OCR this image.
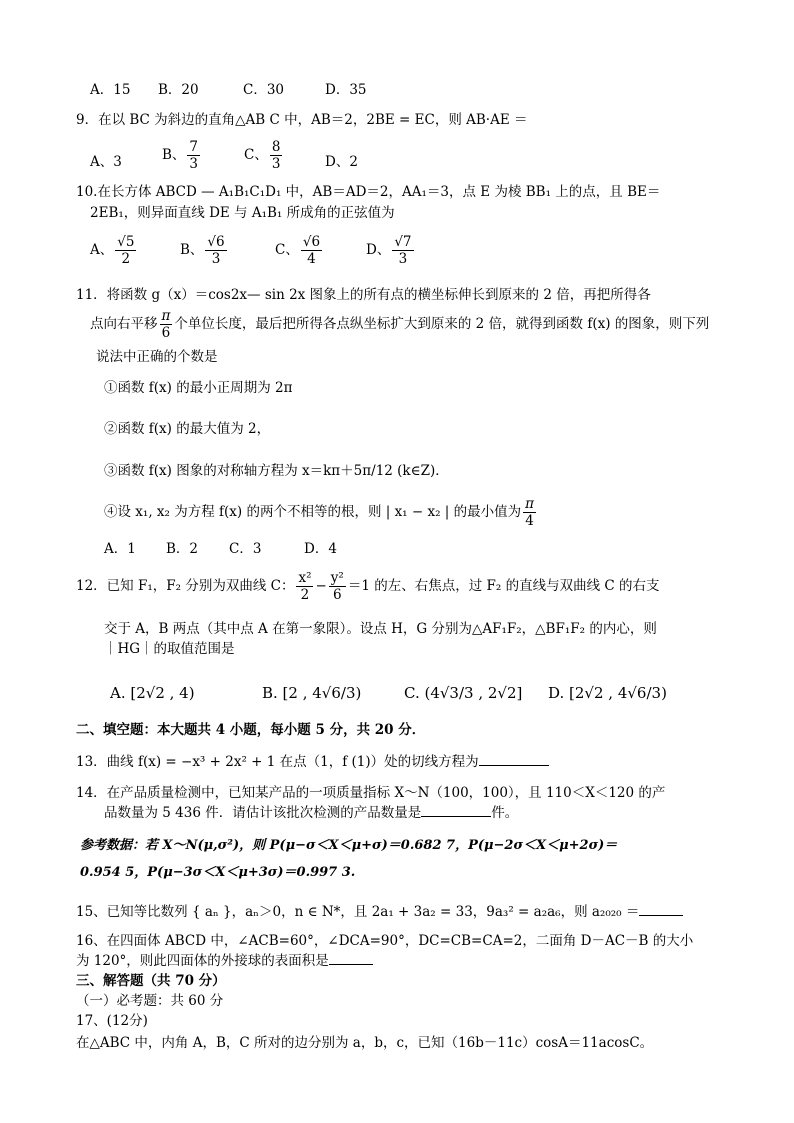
A．15 B．20	C．30	D．35
9．在以 BC 为斜边的直角△AB C 中，AB＝2，2BE = EC，则 AB·AE ＝
A、3	B、 $\frac{7}{3}$	C、 $\frac{8}{3}$	D、2
10.在长方体 ABCD — A₁B₁C₁D₁ 中，AB＝AD＝2，AA₁＝3，点 E 为棱 BB₁ 上的点，且 BE＝
2EB₁，则异面直线 DE 与 A₁B₁ 所成角的正弦值为
A、 $\frac{√5}{2}$	B、 $\frac{√6}{3}$	C、 $\frac{√6}{4}$	D、 $\frac{√7}{3}$
11．将函数 g（x）＝cos2x— sin 2x 图象上的所有点的横坐标伸长到原来的 2 倍，再把所得各
点向右平移 $\frac{\pi}{6}$ 个单位长度，最后把所得各点纵坐标扩大到原来的 2 倍，就得到函数 f(x) 的图象，则下列
说法中正确的个数是
①函数 f(x) 的最小正周期为 2π
②函数 f(x) 的最大值为 2，
③函数 f(x) 图象的对称轴方程为 x＝kπ＋5π/12 (k∈Z)．
④设 x₁, x₂ 为方程 f(x) 的两个不相等的根，则 | x₁ − x₂ | 的最小值为 $\frac{\pi}{4}$
A．1 B．2 C．3	D．4
12．已知 F₁，F₂ 分别为双曲线 C： $\frac{\text{x²}}{2} - \frac{\text{y²}}{6} =1$ 的左、右焦点，过 F₂ 的直线与双曲线 C 的右支
交于 A，B 两点（其中点 A 在第一象限）。设点 H，G 分别为△AF₁F₂，△BF₁F₂ 的内心，则
｜HG｜的取值范围是
A. [2√2 , 4)	B. [2 , 4√6/3)	C. (4√3/3 , 2√2] D. [2√2 , 4√6/3)
二、填空题：本大题共 4 小题，每小题 5 分，共 20 分．
13．曲线 f(x) = −x³ + 2x² + 1 在点（1，f (1)）处的切线方程为
14．在产品质量检测中，已知某产品的一项质量指标 X～N（100，100），且 110＜X＜120 的产
品数量为 5 436 件．请估计该批次检测的产品数量是	件。
参考数据：若 X～N(μ,σ²)，则 P(μ−σ＜X＜μ+σ)＝0.682 7，P(μ−2σ＜X＜μ+2σ)＝
0.954 5，P(μ−3σ＜X＜μ+3σ)＝0.997 3.
15、已知等比数列 { aₙ }，aₙ＞0，n ∈ N*，且 2a₁ + 3a₂ = 33，9a₃² = a₂a₆，则 a₂₀₂₀ ＝
16、在四面体 ABCD 中，∠ACB=60°，∠DCA=90°，DC=CB=CA=2，二面角 D－AC－B 的大小
为 120°，则此四面体的外接球的表面积是
三、解答题（共 70 分）
（一）必考题：共 60 分
17、(12分)
在△ABC 中，内角 A，B，C 所对的边分别为 a，b，c，已知（16b－11c）cosA＝11acosC。
